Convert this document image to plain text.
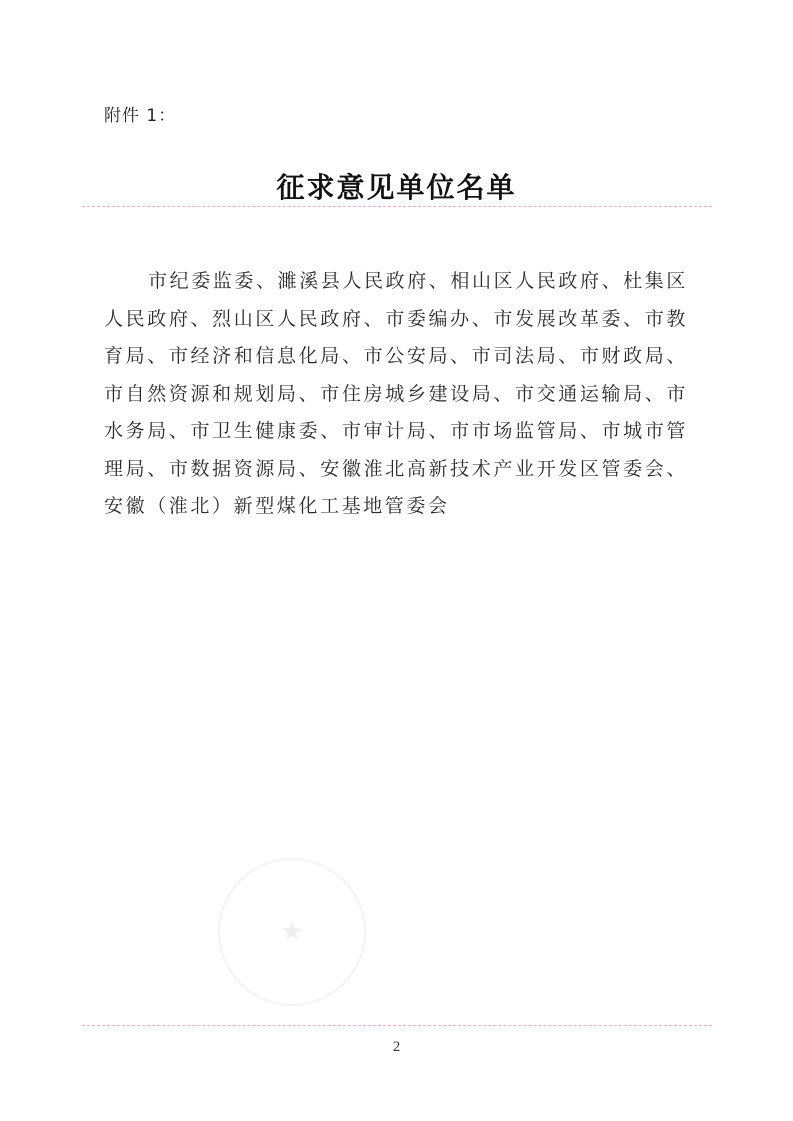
附件 1：
征求意见单位名单

市纪委监委、濉溪县人民政府、相山区人民政府、杜集区人民政府、烈山区人民政府、市委编办、市发展改革委、市教育局、市经济和信息化局、市公安局、市司法局、市财政局、市自然资源和规划局、市住房城乡建设局、市交通运输局、市水务局、市卫生健康委、市审计局、市市场监管局、市城市管理局、市数据资源局、安徽淮北高新技术产业开发区管委会、安徽（淮北）新型煤化工基地管委会

★
2
